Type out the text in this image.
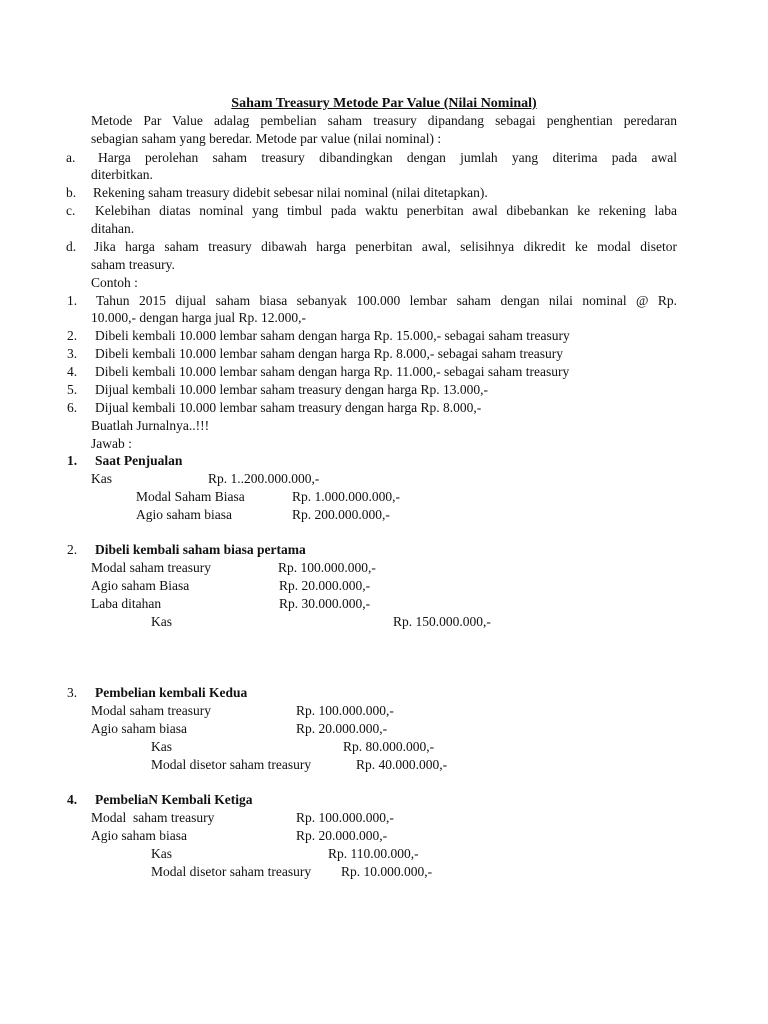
Saham Treasury Metode Par Value (Nilai Nominal)
Metode Par Value adalag pembelian saham treasury dipandang sebagai penghentian peredaran
sebagian saham yang beredar. Metode par value (nilai nominal) :
a. Harga perolehan saham treasury dibandingkan dengan jumlah yang diterima pada awal
diterbitkan.
b. Rekening saham treasury didebit sebesar nilai nominal (nilai ditetapkan).
c. Kelebihan diatas nominal yang timbul pada waktu penerbitan awal dibebankan ke rekening laba
ditahan.
d. Jika harga saham treasury dibawah harga penerbitan awal, selisihnya dikredit ke modal disetor
saham treasury.
Contoh :
1. Tahun 2015 dijual saham biasa sebanyak 100.000 lembar saham dengan nilai nominal @ Rp.
10.000,- dengan harga jual Rp. 12.000,-
2. Dibeli kembali 10.000 lembar saham dengan harga Rp. 15.000,- sebagai saham treasury
3. Dibeli kembali 10.000 lembar saham dengan harga Rp. 8.000,- sebagai saham treasury
4. Dibeli kembali 10.000 lembar saham dengan harga Rp. 11.000,- sebagai saham treasury
5. Dijual kembali 10.000 lembar saham treasury dengan harga Rp. 13.000,-
6. Dijual kembali 10.000 lembar saham treasury dengan harga Rp. 8.000,-
Buatlah Jurnalnya..!!!
Jawab :
1. Saat Penjualan
Kas	Rp. 1..200.000.000,-
Modal Saham Biasa	Rp. 1.000.000.000,-
Agio saham biasa	Rp. 200.000.000,-
2. Dibeli kembali saham biasa pertama
Modal saham treasury	Rp. 100.000.000,-
Agio saham Biasa	Rp. 20.000.000,-
Laba ditahan	Rp. 30.000.000,-
Kas	Rp. 150.000.000,-
3. Pembelian kembali Kedua
Modal saham treasury	Rp. 100.000.000,-
Agio saham biasa	Rp. 20.000.000,-
Kas	Rp. 80.000.000,-
Modal disetor saham treasury	Rp. 40.000.000,-
4. PembeliaN Kembali Ketiga
Modal  saham treasury	Rp. 100.000.000,-
Agio saham biasa	Rp. 20.000.000,-
Kas	Rp. 110.00.000,-
Modal disetor saham treasury Rp. 10.000.000,-
